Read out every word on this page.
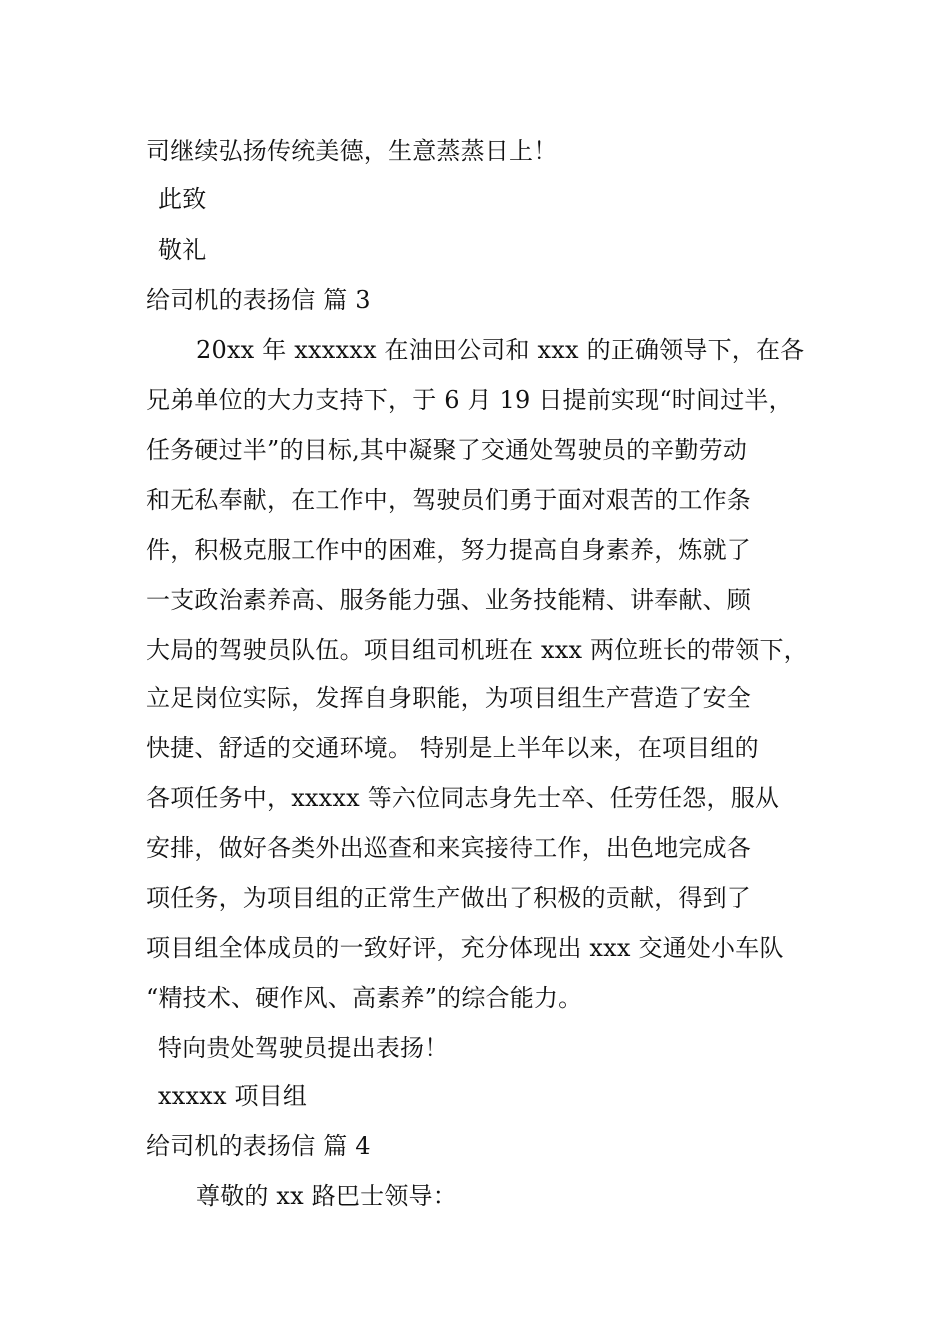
司继续弘扬传统美德，生意蒸蒸日上！
此致
敬礼
给司机的表扬信 篇 3
20xx 年 xxxxxx 在油田公司和 xxx 的正确领导下，在各
兄弟单位的大力支持下，于 6 月 19 日提前实现“时间过半，
任务硬过半”的目标,其中凝聚了交通处驾驶员的辛勤劳动
和无私奉献，在工作中，驾驶员们勇于面对艰苦的工作条
件，积极克服工作中的困难，努力提高自身素养，炼就了
一支政治素养高、服务能力强、业务技能精、讲奉献、顾
大局的驾驶员队伍。项目组司机班在 xxx 两位班长的带领下，
立足岗位实际，发挥自身职能，为项目组生产营造了安全
快捷、舒适的交通环境。 特别是上半年以来，在项目组的
各项任务中，xxxxx 等六位同志身先士卒、任劳任怨，服从
安排，做好各类外出巡查和来宾接待工作，出色地完成各
项任务，为项目组的正常生产做出了积极的贡献，得到了
项目组全体成员的一致好评，充分体现出 xxx 交通处小车队
“精技术、硬作风、高素养”的综合能力。
特向贵处驾驶员提出表扬！
xxxxx 项目组
给司机的表扬信 篇 4
尊敬的 xx 路巴士领导：
